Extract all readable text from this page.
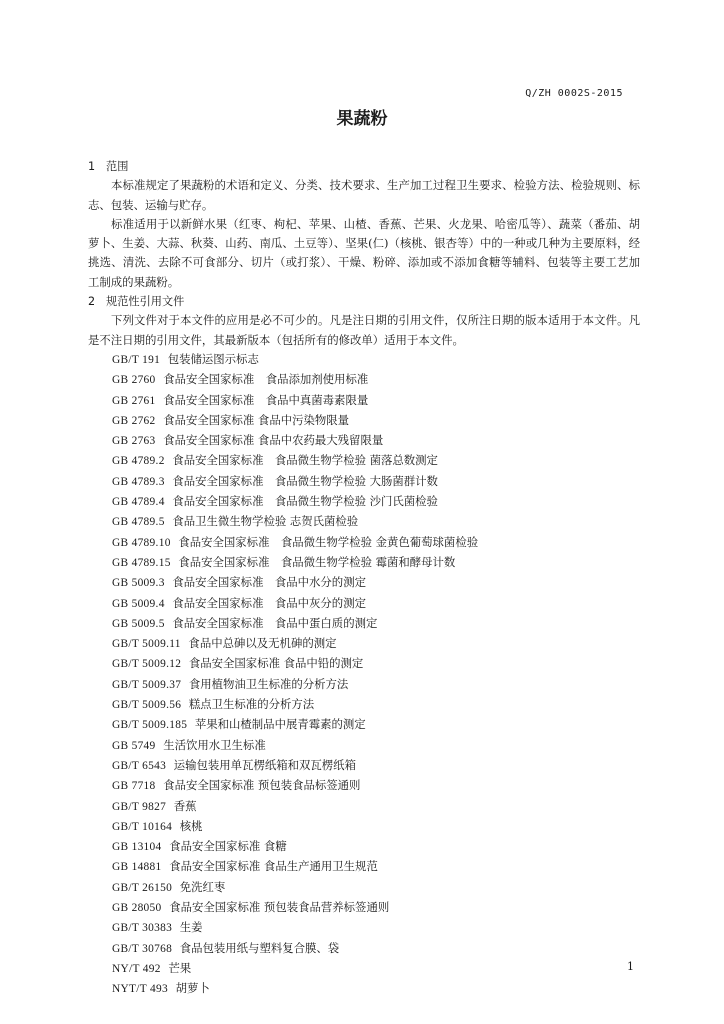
Q/ZH 0002S-2015
果蔬粉
1 范围
本标准规定了果蔬粉的术语和定义、分类、技术要求、生产加工过程卫生要求、检验方法、检验规则、标志、包装、运输与贮存。
标准适用于以新鲜水果（红枣、枸杞、苹果、山楂、香蕉、芒果、火龙果、哈密瓜等）、蔬菜（番茄、胡萝卜、生姜、大蒜、秋葵、山药、南瓜、土豆等）、坚果(仁)（核桃、银杏等）中的一种或几种为主要原料，经挑选、清洗、去除不可食部分、切片（或打浆）、干燥、粉碎、添加或不添加食糖等辅料、包装等主要工艺加工制成的果蔬粉。
2 规范性引用文件
下列文件对于本文件的应用是必不可少的。凡是注日期的引用文件，仅所注日期的版本适用于本文件。凡是不注日期的引用文件，其最新版本（包括所有的修改单）适用于本文件。
GB/T 191 包装储运图示标志
GB 2760 食品安全国家标准　食品添加剂使用标准
GB 2761 食品安全国家标准　食品中真菌毒素限量
GB 2762 食品安全国家标准 食品中污染物限量
GB 2763 食品安全国家标准 食品中农药最大残留限量
GB 4789.2 食品安全国家标准　食品微生物学检验 菌落总数测定
GB 4789.3 食品安全国家标准　食品微生物学检验 大肠菌群计数
GB 4789.4 食品安全国家标准　食品微生物学检验 沙门氏菌检验
GB 4789.5 食品卫生微生物学检验 志贺氏菌检验
GB 4789.10 食品安全国家标准　食品微生物学检验 金黄色葡萄球菌检验
GB 4789.15 食品安全国家标准　食品微生物学检验 霉菌和酵母计数
GB 5009.3 食品安全国家标准　食品中水分的测定
GB 5009.4 食品安全国家标准　食品中灰分的测定
GB 5009.5 食品安全国家标准　食品中蛋白质的测定
GB/T 5009.11 食品中总砷以及无机砷的测定
GB/T 5009.12 食品安全国家标准 食品中铅的测定
GB/T 5009.37 食用植物油卫生标准的分析方法
GB/T 5009.56 糕点卫生标准的分析方法
GB/T 5009.185 苹果和山楂制品中展青霉素的测定
GB 5749 生活饮用水卫生标准
GB/T 6543 运输包装用单瓦楞纸箱和双瓦楞纸箱
GB 7718 食品安全国家标准 预包装食品标签通则
GB/T 9827 香蕉
GB/T 10164 核桃
GB 13104 食品安全国家标准 食糖
GB 14881 食品安全国家标准 食品生产通用卫生规范
GB/T 26150 免洗红枣
GB 28050 食品安全国家标准 预包装食品营养标签通则
GB/T 30383 生姜
GB/T 30768 食品包装用纸与塑料复合膜、袋
NY/T 492 芒果
NYT/T 493 胡萝卜
1
